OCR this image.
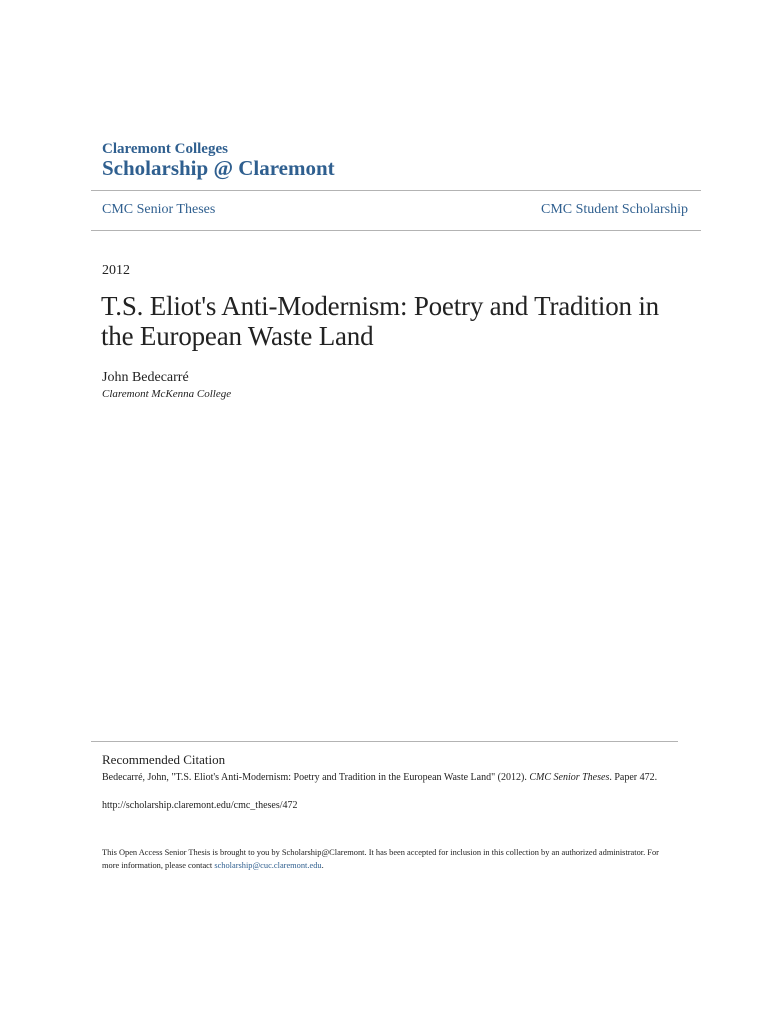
Claremont Colleges
Scholarship @ Claremont
CMC Senior Theses	CMC Student Scholarship
2012
T.S. Eliot's Anti-Modernism: Poetry and Tradition in the European Waste Land
John Bedecarré
Claremont McKenna College
Recommended Citation
Bedecarré, John, "T.S. Eliot's Anti-Modernism: Poetry and Tradition in the European Waste Land" (2012). CMC Senior Theses. Paper 472.
http://scholarship.claremont.edu/cmc_theses/472
This Open Access Senior Thesis is brought to you by Scholarship@Claremont. It has been accepted for inclusion in this collection by an authorized administrator. For more information, please contact scholarship@cuc.claremont.edu.
